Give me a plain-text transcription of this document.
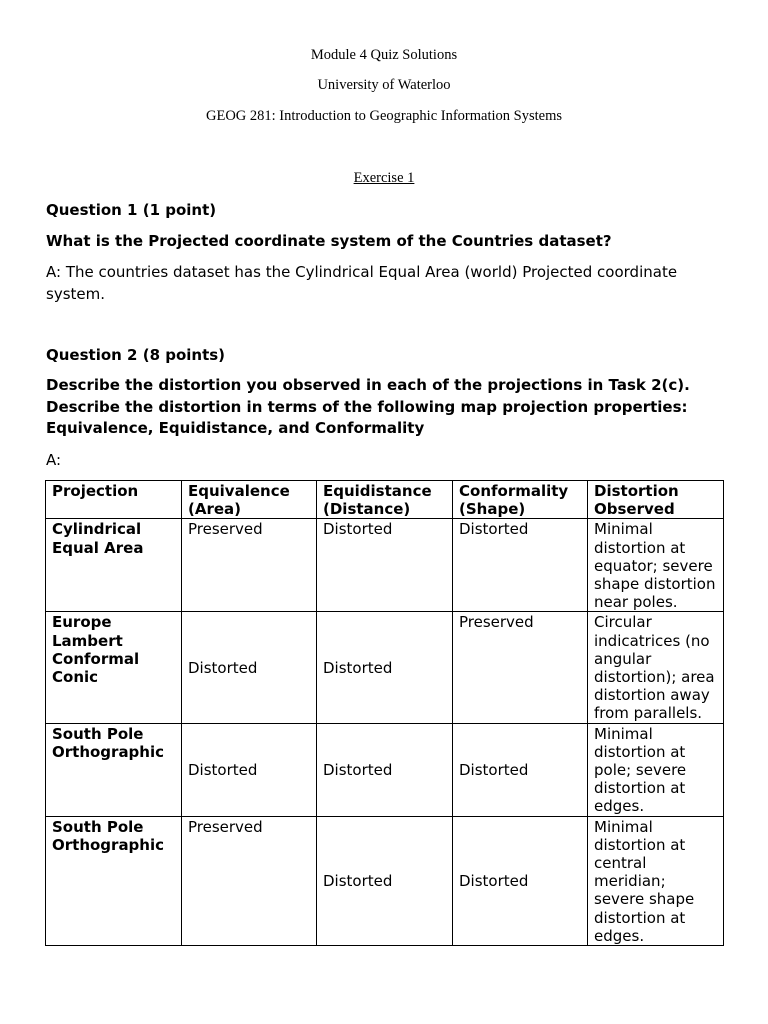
Module 4 Quiz Solutions
University of Waterloo
GEOG 281: Introduction to Geographic Information Systems
Exercise 1
Question 1 (1 point)
What is the Projected coordinate system of the Countries dataset?
A: The countries dataset has the Cylindrical Equal Area (world) Projected coordinate system.
Question 2 (8 points)
Describe the distortion you observed in each of the projections in Task 2(c). Describe the distortion in terms of the following map projection properties: Equivalence, Equidistance, and Conformality
A:
Projection	Equivalence (Area)	Equidistance (Distance)	Conformality (Shape)	Distortion Observed
Cylindrical Equal Area	Preserved	Distorted	Distorted	Minimal distortion at equator; severe shape distortion near poles.
Europe Lambert Conformal Conic	Distorted	Distorted	Preserved	Circular indicatrices (no angular distortion); area distortion away from parallels.
South Pole Orthographic	Distorted	Distorted	Distorted	Minimal distortion at pole; severe distortion at edges.
South Pole Orthographic	Preserved	Distorted	Distorted	Minimal distortion at central meridian; severe shape distortion at edges.
